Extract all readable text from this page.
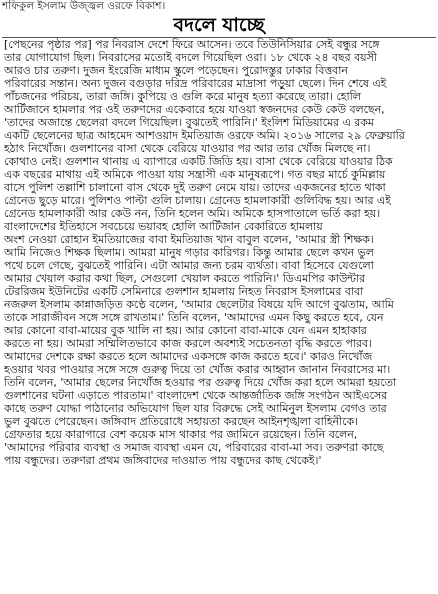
শফিকুল ইসলাম উজ্জ্বল ওরফে বিকাশ।
বদলে যাচ্ছে
[পেছনের পৃষ্ঠার পর] পর নিবরাস দেশে ফিরে আসেন। তবে তিউনিসিয়ার সেই বন্ধুর সঙ্গে
তার যোগাযোগ ছিল। নিবরাসের মতোই বদলে গিয়েছিল ওরা। ১৮ থেকে ২৪ বছর বয়সী
আরও চার তরুণ। দুজন ইংরেজি মাধ্যম স্কুলে পড়েছেন। পুরোদস্তুর ঢাকার বিত্তবান
পরিবারের সন্তান। অন্য দুজন বগুড়ার দরিদ্র পরিবারের মাদ্রাসা পড়ুয়া ছেলে। দিন শেষে এই
পাঁচজনের পরিচয়, তারা জঙ্গি। কুপিয়ে ও গুলি করে মানুষ হত্যা করেছে তারা। হোলি
আর্টিজানে হামলার পর ওই তরুণদের একেবারে হয়ে যাওয়া স্বজনদের কেউ কেউ বলছেন,
'তাদের অজান্তে ছেলেরা বদলে গিয়েছিল। বুঝতেই পারিনি।' ইংলিশ মিডিয়ামের এ রকম
একটি ছেলেনের ছাত্র আহমেদ আশওয়াদ ইমতিয়াজ ওরফে অমি। ২০১৬ সালের ২৯ ফেব্রুয়ারি
হঠাৎ নিখোঁজ। গুলশানের বাসা থেকে বেরিয়ে যাওয়ার পর আর তার খোঁজ মিলছে না।
কোথাও নেই। গুলশান থানায় এ ব্যাপারে একটি জিডি হয়। বাসা থেকে বেরিয়ে যাওয়ার ঠিক
এক বছরের মাথায় এই অমিকে পাওয়া যায় সন্ত্রাসী এক মানুষরূপে। গত বছর মার্চে কুমিল্লায়
বাসে পুলিশ তল্লাশি চালানো বাস থেকে দুই তরুণ নেমে যায়। তাদের একজনের হাতে থাকা
গ্রেনেড ছুড়ে মারে। পুলিশও পাল্টা গুলি চালায়। গ্রেনেড হামলাকারী গুলিবিদ্ধ হয়। আর এই
গ্রেনেড হামলাকারী আর কেউ নন, তিনি হলেন অমি। অমিকে হাসপাতালে ভর্তি করা হয়।
বাংলাদেশের ইতিহাসে সবচেয়ে ভয়াবহ হোলি আর্টিজান বেকারিতে হামলায়
অংশ নেওয়া রোহান ইমতিয়াজের বাবা ইমতিয়াজ খান বাবুল বলেন, 'আমার স্ত্রী শিক্ষক।
আমি নিজেও শিক্ষক ছিলাম। আমরা মানুষ গড়ার কারিগর। কিন্তু আমার ছেলে কখন ভুল
পথে চলে গেছে, বুঝতেই পারিনি। এটা আমার জন্য চরম ব্যর্থতা। বাবা হিসেবে যেগুলো
আমার খেয়াল করার কথা ছিল, সেগুলো খেয়াল করতে পারিনি।' ডিএমপির কাউন্টার
টেররিজম ইউনিটের একটি সেমিনারে গুলশান হামলায় নিহত নিবরাস ইসলামের বাবা
নজরুল ইসলাম কান্নাজড়িত কণ্ঠে বলেন, 'আমার ছেলেটার বিষয়ে যদি আগে বুঝতাম, আমি
তাকে সারাজীবন সঙ্গে সঙ্গে রাখতাম।' তিনি বলেন, 'আমাদের এমন কিছু করতে হবে, যেন
আর কোনো বাবা-মায়ের বুক খালি না হয়। আর কোনো বাবা-মাকে যেন এমন হাহাকার
করতে না হয়। আমরা সম্মিলিতভাবে কাজ করলে অবশ্যই সচেতনতা বৃদ্ধি করতে পারব।
আমাদের দেশকে রক্ষা করতে হলে আমাদের একসঙ্গে কাজ করতে হবে।' কারও নিখোঁজ
হওয়ার খবর পাওয়ার সঙ্গে সঙ্গে গুরুত্ব দিয়ে তা খোঁজ করার আহ্বান জানান নিবরাসের মা।
তিনি বলেন, 'আমার ছেলের নিখোঁজ হওয়ার পর গুরুত্ব দিয়ে খোঁজ করা হলে আমরা হয়তো
গুলশানের ঘটনা এড়াতে পারতাম।' বাংলাদেশ থেকে আন্তর্জাতিক জঙ্গি সংগঠন আইএসের
কাছে তরুণ যোদ্ধা পাঠানোর অভিযোগ ছিল যার বিরুদ্ধে সেই আমিনুল ইসলাম বেগও তার
ভুল বুঝতে পেরেছেন। জঙ্গিবাদ প্রতিরোধে সহায়তা করছেন আইনশৃঙ্খলা বাহিনীকে।
গ্রেফতার হয়ে কারাগারে বেশ কয়েক মাস থাকার পর জামিনে রয়েছেন। তিনি বলেন,
'আমাদের পরিবার ব্যবস্থা ও সমাজ ব্যবস্থা এমন যে, পরিবারের বাবা-মা সব। তরুণরা কাছে
পায় বন্ধুদের। তরুণরা প্রথম জঙ্গিবাদের দাওয়াত পায় বন্ধুদের কাছ থেকেই।'
